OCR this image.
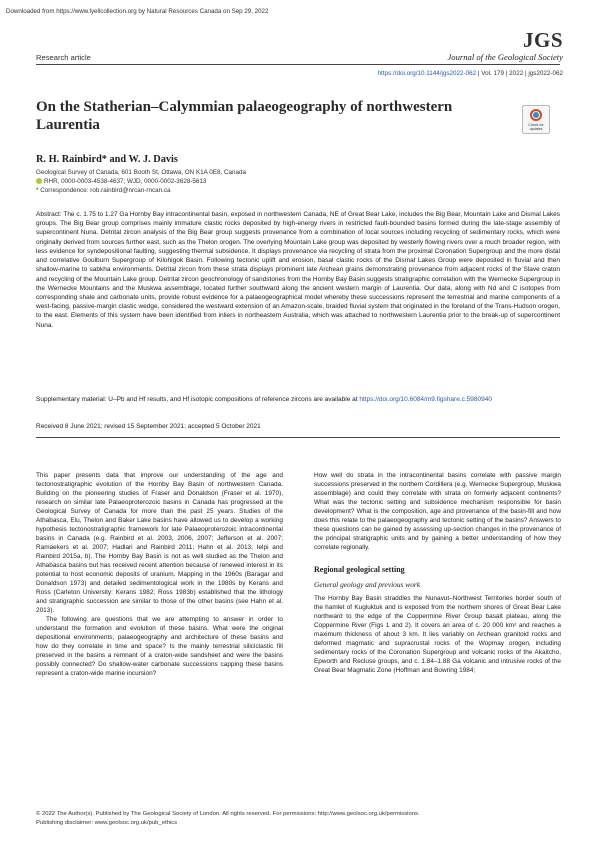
Downloaded from https://www.lyellcollection.org by Natural Resources Canada on Sep 29, 2022
Research article
JGS
Journal of the Geological Society
https://doi.org/10.1144/jgs2022-062 | Vol. 179 | 2022 | jgs2022-062
On the Statherian–Calymmian palaeogeography of northwestern Laurentia	Check for updates
R. H. Rainbird* and W. J. Davis
Geological Survey of Canada, 601 Booth St, Ottawa, ON K1A 0E8, Canada
RHR, 0000-0003-4538-4637; WJD, 0000-0002-3628-5613
* Correspondence: rob.rainbird@nrcan-rncan.ca
Abstract: The c. 1.75 to 1.27 Ga Hornby Bay intracontinental basin, exposed in northwestern Canada, NE of Great Bear Lake, includes the Big Bear, Mountain Lake and Dismal Lakes groups. The Big Bear group comprises mainly immature clastic rocks deposited by high-energy rivers in restricted fault-bounded basins formed during the late-stage assembly of supercontinent Nuna. Detrital zircon analysis of the Big Bear group suggests provenance from a combination of local sources including recycling of sedimentary rocks, which were originally derived from sources further east, such as the Thelon orogen. The overlying Mountain Lake group was deposited by westerly flowing rivers over a much broader region, with less evidence for syndepositional faulting, suggesting thermal subsidence. It displays provenance via recycling of strata from the proximal Coronation Supergroup and the more distal and correlative Goulburn Supergroup of Kilohigok Basin. Following tectonic uplift and erosion, basal clastic rocks of the Dismal Lakes Group were deposited in fluvial and then shallow-marine to sabkha environments. Detrital zircon from these strata displays prominent late Archean grains demonstrating provenance from adjacent rocks of the Slave craton and recycling of the Mountain Lake group. Detrital zircon geochronology of sandstones from the Hornby Bay Basin suggests stratigraphic correlation with the Wernecke Supergroup in the Wernecke Mountains and the Muskwa assemblage, located further southward along the ancient western margin of Laurentia. Our data, along with Nd and C isotopes from corresponding shale and carbonate units, provide robust evidence for a palaeogeographical model whereby these successions represent the terrestrial and marine components of a west-facing, passive-margin clastic wedge, considered the westward extension of an Amazon-scale, braided fluvial system that originated in the foreland of the Trans-Hudson orogen, to the east. Elements of this system have been identified from inliers in northeastern Australia, which was attached to northwestern Laurentia prior to the break-up of supercontinent Nuna.
Supplementary material: U–Pb and Hf results, and Hf isotopic compositions of reference zircons are available at https://doi.org/10.6084/m9.figshare.c.5980940
Received 8 June 2021; revised 15 September 2021; accepted 5 October 2021

This paper presents data that improve our understanding of the age and tectonostratigraphic evolution of the Hornby Bay Basin of northwestern Canada. Building on the pioneering studies of Fraser and Donaldson (Fraser et al. 1970), research on similar late Palaeoproterozoic basins in Canada has progressed at the Geological Survey of Canada for more than the past 25 years. Studies of the Athabasca, Elu, Thelon and Baker Lake basins have allowed us to develop a working hypothesis tectonostratigraphic framework for late Palaeoproterozoic intracontinental basins in Canada (e.g. Rainbird et al. 2003, 2006, 2007; Jefferson et al. 2007; Ramaekers et al. 2007; Hadlari and Rainbird 2011; Hahn et al. 2013; Ielpi and Rainbird 2015a, b). The Hornby Bay Basin is not as well studied as the Thelon and Athabasca basins but has received recent attention because of renewed interest in its potential to host economic deposits of uranium. Mapping in the 1960s (Baragar and Donaldson 1973) and detailed sedimentological work in the 1980s by Kerans and Ross (Carleton University: Kerans 1982; Ross 1983b) established that the lithology and stratigraphic succession are similar to those of the other basins (see Hahn et al. 2013).

The following are questions that we are attempting to answer in order to understand the formation and evolution of these basins. What were the original depositional environments, palaeogeography and architecture of these basins and how do they correlate in time and space? Is the mainly terrestrial siliciclastic fill preserved in the basins a remnant of a craton-wide sandsheet and were the basins possibly connected? Do shallow-water carbonate successions capping these basins represent a craton-wide marine incursion?

How well do strata in the intracontinental basins correlate with passive margin successions preserved in the northern Cordillera (e.g. Wernecke Supergroup, Muskwa assemblage) and could they correlate with strata on formerly adjacent continents? What was the tectonic setting and subsidence mechanism responsible for basin development? What is the composition, age and provenance of the basin-fill and how does this relate to the palaeogeography and tectonic setting of the basins? Answers to these questions can be gained by assessing up-section changes in the provenance of the principal stratigraphic units and by gaining a better understanding of how they correlate regionally.

Regional geological setting
General geology and previous work

The Hornby Bay Basin straddles the Nunavut–Northwest Territories border south of the hamlet of Kugluktuk and is exposed from the northern shores of Great Bear Lake northward to the edge of the Coppermine River Group basalt plateau, along the Coppermine River (Figs 1 and 2). It covers an area of c. 20 000 km² and reaches a maximum thickness of about 3 km. It lies variably on Archean granitoid rocks and deformed magmatic and supracrustal rocks of the Wopmay orogen, including sedimentary rocks of the Coronation Supergroup and volcanic rocks of the Akaitcho, Epworth and Recluse groups, and c. 1.84–1.88 Ga volcanic and intrusive rocks of the Great Bear Magmatic Zone (Hoffman and Bowring 1984;

© 2022 The Author(s). Published by The Geological Society of London. All rights reserved. For permissions: http://www.geolsoc.org.uk/permissions.
Publishing disclaimer: www.geolsoc.org.uk/pub_ethics
